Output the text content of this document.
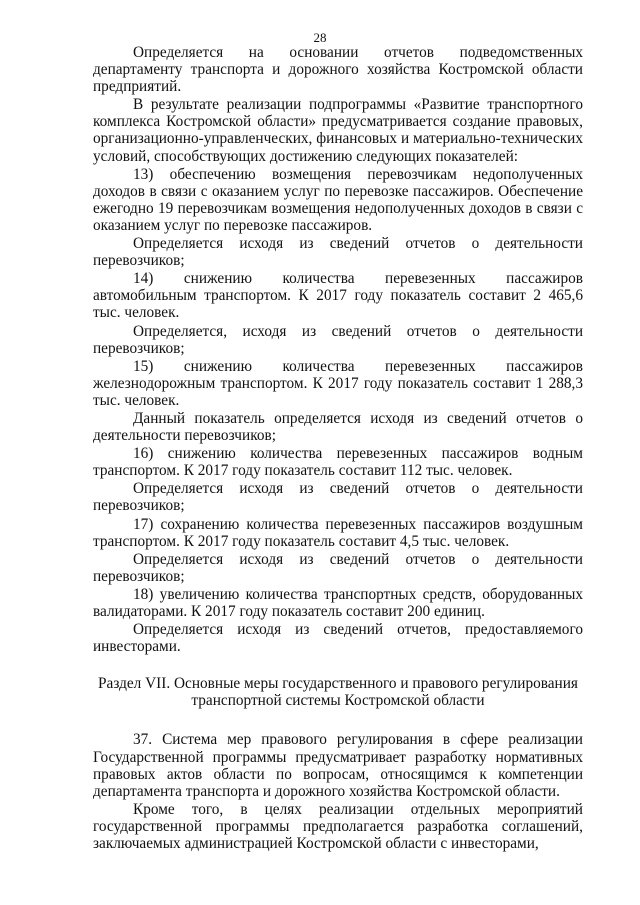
28

Определяется на основании отчетов подведомственных департаменту транспорта и дорожного хозяйства Костромской области предприятий.

В результате реализации подпрограммы «Развитие транспортного комплекса Костромской области» предусматривается создание правовых, организационно-управленческих, финансовых и материально-технических условий, способствующих достижению следующих показателей:

13) обеспечению возмещения перевозчикам недополученных доходов в связи с оказанием услуг по перевозке пассажиров. Обеспечение ежегодно 19 перевозчикам возмещения недополученных доходов в связи с оказанием услуг по перевозке пассажиров.

Определяется исходя из сведений отчетов о деятельности перевозчиков;

14) снижению количества перевезенных пассажиров автомобильным транспортом. К 2017 году показатель составит 2 465,6 тыс. человек.

Определяется, исходя из сведений отчетов о деятельности перевозчиков;

15) снижению количества перевезенных пассажиров железнодорожным транспортом. К 2017 году показатель составит 1 288,3 тыс. человек.

Данный показатель определяется исходя из сведений отчетов о деятельности перевозчиков;

16) снижению количества перевезенных пассажиров водным транспортом. К 2017 году показатель составит 112 тыс. человек.

Определяется исходя из сведений отчетов о деятельности перевозчиков;

17) сохранению количества перевезенных пассажиров воздушным транспортом. К 2017 году показатель составит 4,5 тыс. человек.

Определяется исходя из сведений отчетов о деятельности перевозчиков;

18) увеличению количества транспортных средств, оборудованных валидаторами. К 2017 году показатель составит 200 единиц.

Определяется исходя из сведений отчетов, предоставляемого инвесторами.

Раздел VII. Основные меры государственного и правового регулирования
транспортной системы Костромской области

37. Система мер правового регулирования в сфере реализации Государственной программы предусматривает разработку нормативных правовых актов области по вопросам, относящимся к компетенции департамента транспорта и дорожного хозяйства Костромской области.

Кроме того, в целях реализации отдельных мероприятий государственной программы предполагается разработка соглашений, заключаемых администрацией Костромской области с инвесторами,
